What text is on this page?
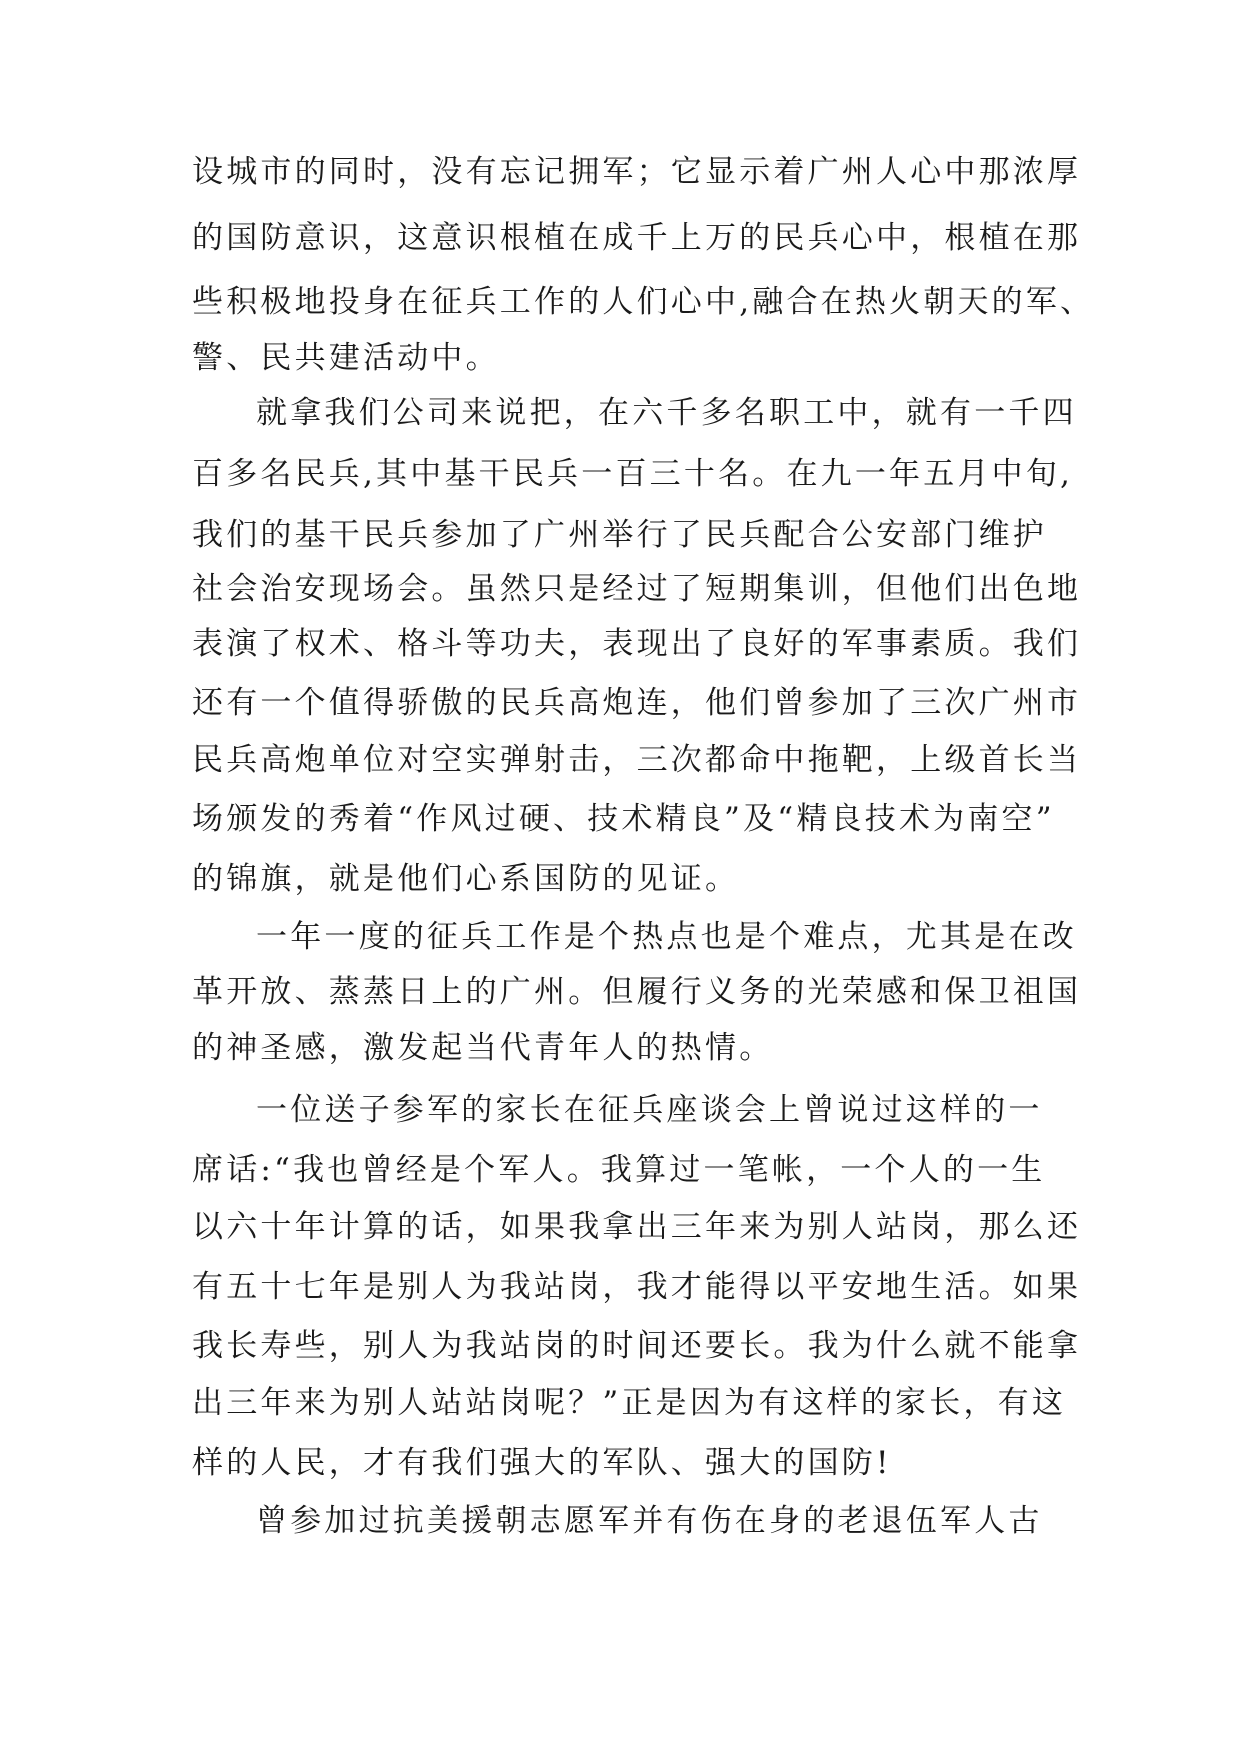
设城市的同时，没有忘记拥军；它显示着广州人心中那浓厚
的国防意识，这意识根植在成千上万的民兵心中，根植在那
些积极地投身在征兵工作的人们心中,融合在热火朝天的军、
警、民共建活动中。
就拿我们公司来说把，在六千多名职工中，就有一千四
百多名民兵,其中基干民兵一百三十名。在九一年五月中旬,
我们的基干民兵参加了广州举行了民兵配合公安部门维护
社会治安现场会。虽然只是经过了短期集训，但他们出色地
表演了权术、格斗等功夫，表现出了良好的军事素质。我们
还有一个值得骄傲的民兵高炮连，他们曾参加了三次广州市
民兵高炮单位对空实弹射击，三次都命中拖靶，上级首长当
场颁发的秀着“作风过硬、技术精良”及“精良技术为南空”
的锦旗，就是他们心系国防的见证。
一年一度的征兵工作是个热点也是个难点，尤其是在改
革开放、蒸蒸日上的广州。但履行义务的光荣感和保卫祖国
的神圣感，激发起当代青年人的热情。
一位送子参军的家长在征兵座谈会上曾说过这样的一
席话:“我也曾经是个军人。我算过一笔帐，一个人的一生
以六十年计算的话，如果我拿出三年来为别人站岗，那么还
有五十七年是别人为我站岗，我才能得以平安地生活。如果
我长寿些，别人为我站岗的时间还要长。我为什么就不能拿
出三年来为别人站站岗呢？”正是因为有这样的家长，有这
样的人民，才有我们强大的军队、强大的国防!
曾参加过抗美援朝志愿军并有伤在身的老退伍军人古
